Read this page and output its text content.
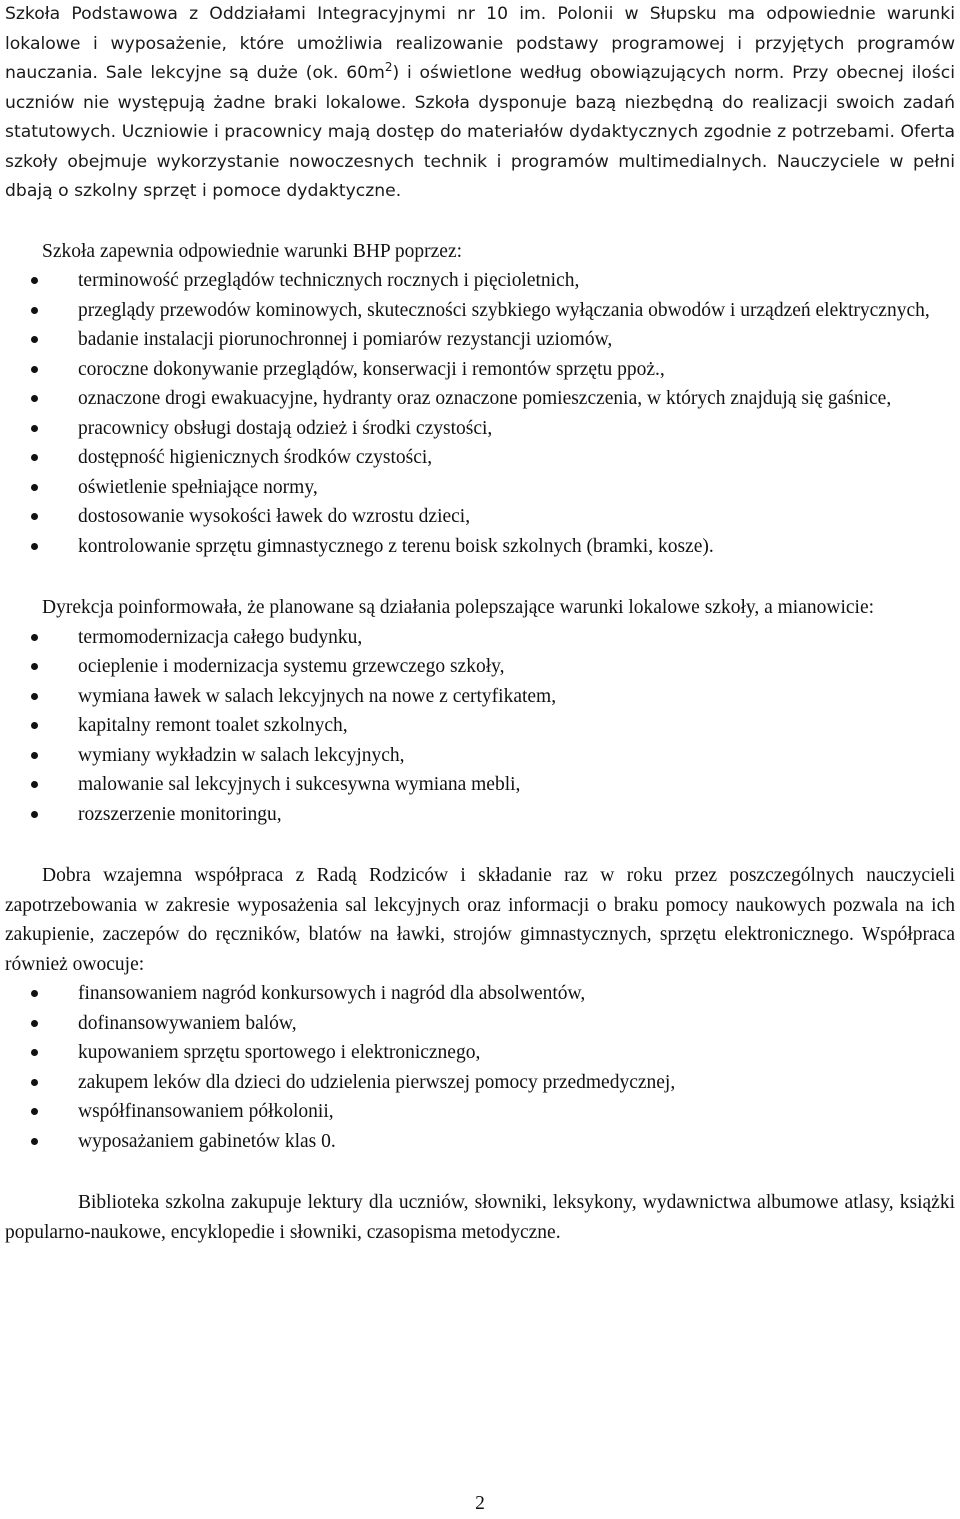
Szkoła Podstawowa z Oddziałami Integracyjnymi nr 10 im. Polonii w Słupsku ma odpowiednie warunki lokalowe i wyposażenie, które umożliwia realizowanie podstawy programowej i przyjętych programów nauczania. Sale lekcyjne są duże (ok. $60m^2$) i oświetlone według obowiązujących norm. Przy obecnej ilości uczniów nie występują żadne braki lokalowe. Szkoła dysponuje bazą niezbędną do realizacji swoich zadań statutowych. Uczniowie i pracownicy mają dostęp do materiałów dydaktycznych zgodnie z potrzebami. Oferta szkoły obejmuje wykorzystanie nowoczesnych technik i programów multimedialnych. Nauczyciele w pełni dbają o szkolny sprzęt i pomoce dydaktyczne.

Szkoła zapewnia odpowiednie warunki BHP poprzez:

terminowość przeglądów technicznych rocznych i pięcioletnich,
przeglądy przewodów kominowych, skuteczności szybkiego wyłączania obwodów i urządzeń elektrycznych,
badanie instalacji piorunochronnej i pomiarów rezystancji uziomów,
coroczne dokonywanie przeglądów, konserwacji i remontów sprzętu ppoż.,
oznaczone drogi ewakuacyjne, hydranty oraz oznaczone pomieszczenia, w których znajdują się gaśnice,
pracownicy obsługi dostają odzież i środki czystości,
dostępność higienicznych środków czystości,
oświetlenie spełniające normy,
dostosowanie wysokości ławek do wzrostu dzieci,
kontrolowanie sprzętu gimnastycznego z terenu boisk szkolnych (bramki, kosze).

Dyrekcja poinformowała, że planowane są działania polepszające warunki lokalowe szkoły, a mianowicie:

termomodernizacja całego budynku,
ocieplenie i modernizacja systemu grzewczego szkoły,
wymiana ławek w salach lekcyjnych na nowe z certyfikatem,
kapitalny remont toalet szkolnych,
wymiany wykładzin w salach lekcyjnych,
malowanie sal lekcyjnych i sukcesywna wymiana mebli,
rozszerzenie monitoringu,

Dobra wzajemna współpraca z Radą Rodziców i składanie raz w roku przez poszczególnych nauczycieli zapotrzebowania w zakresie wyposażenia sal lekcyjnych oraz informacji o braku pomocy naukowych pozwala na ich zakupienie, zaczepów do ręczników, blatów na ławki, strojów gimnastycznych, sprzętu elektronicznego. Współpraca również owocuje:

finansowaniem nagród konkursowych i nagród dla absolwentów,
dofinansowywaniem balów,
kupowaniem sprzętu sportowego i elektronicznego,
zakupem leków dla dzieci do udzielenia pierwszej pomocy przedmedycznej,
współfinansowaniem półkolonii,
wyposażaniem gabinetów klas 0.

Biblioteka szkolna zakupuje lektury dla uczniów, słowniki, leksykony, wydawnictwa albumowe atlasy, książki popularno-naukowe, encyklopedie i słowniki, czasopisma metodyczne.

2
